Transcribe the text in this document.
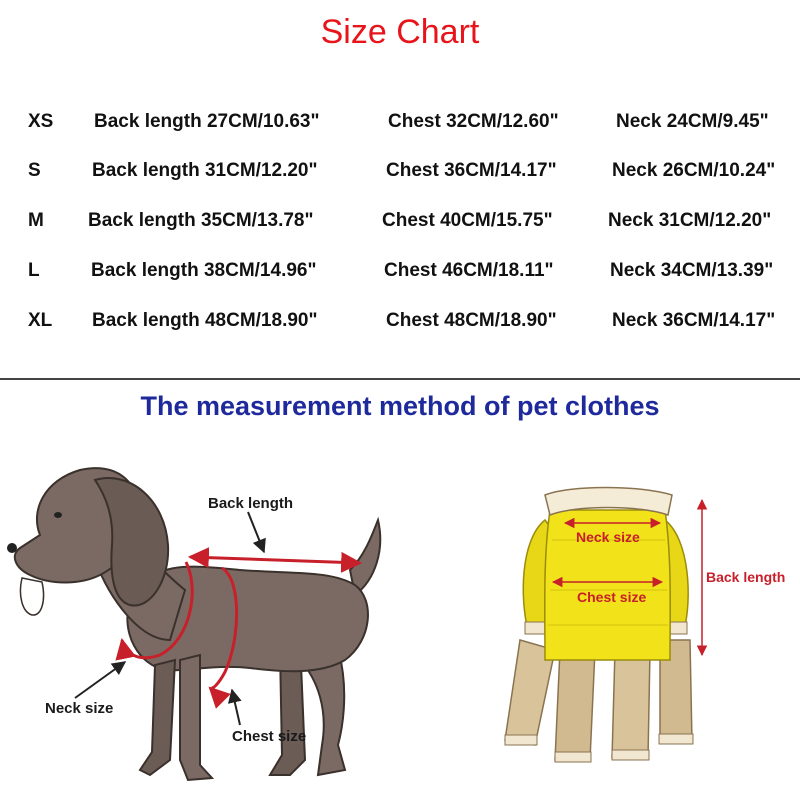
Size Chart
XS Back length 27CM/10.63"	Chest 32CM/12.60"	Neck 24CM/9.45"
S	Back length 31CM/12.20"	Chest 36CM/14.17"	Neck 26CM/10.24"
M Back length 35CM/13.78"	Chest 40CM/15.75"	Neck 31CM/12.20"
L	Back length 38CM/14.96"	Chest 46CM/18.11"	Neck 34CM/13.39"
XL Back length 48CM/18.90"	Chest 48CM/18.90"	Neck 36CM/14.17"
The measurement method of pet clothes
Back length
Neck size
Chest size
Neck size
Chest size
Back length
